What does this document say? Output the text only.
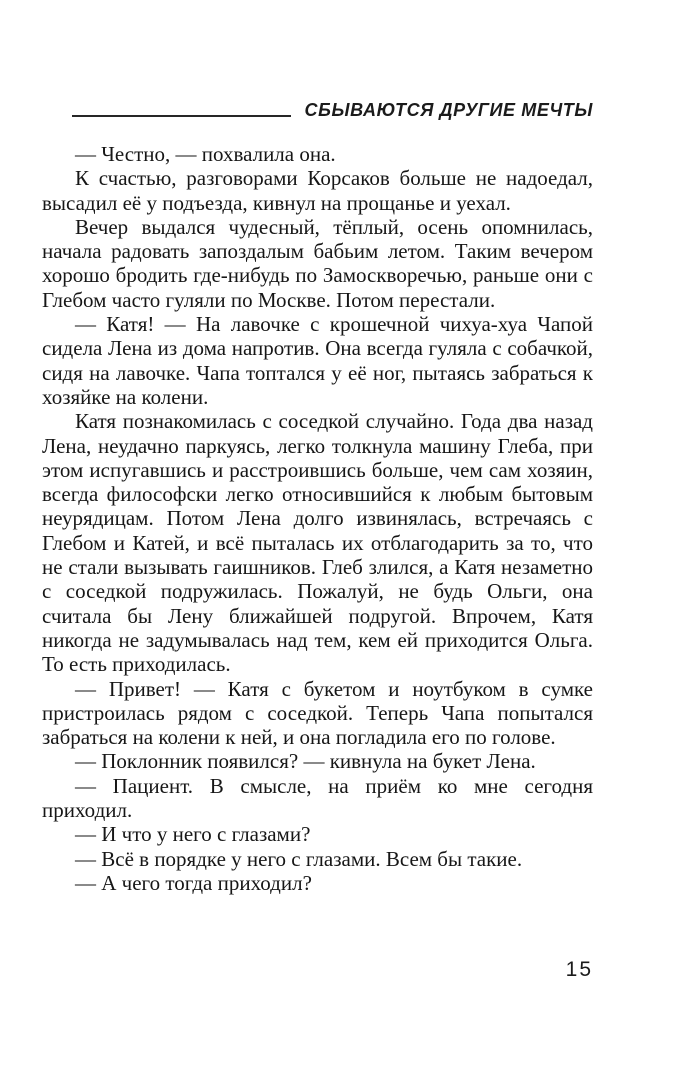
СБЫВАЮТСЯ ДРУГИЕ МЕЧТЫ

— Честно, — похвалила она.

К счастью, разговорами Корсаков больше не надоедал, высадил её у подъезда, кивнул на прощанье и уехал.

Вечер выдался чудесный, тёплый, осень опомнилась, начала радовать запоздалым бабьим летом. Таким вечером хорошо бродить где-нибудь по Замоскворечью, раньше они с Глебом часто гуляли по Москве. Потом перестали.

— Катя! — На лавочке с крошечной чихуа-хуа Чапой сидела Лена из дома напротив. Она всегда гуляла с собачкой, сидя на лавочке. Чапа топтался у её ног, пытаясь забраться к хозяйке на колени.

Катя познакомилась с соседкой случайно. Года два назад Лена, неудачно паркуясь, легко толкнула машину Глеба, при этом испугавшись и расстроившись больше, чем сам хозяин, всегда философски легко относившийся к любым бытовым неурядицам. Потом Лена долго извинялась, встречаясь с Глебом и Катей, и всё пыталась их отблагодарить за то, что не стали вызывать гаишников. Глеб злился, а Катя незаметно с соседкой подружилась. Пожалуй, не будь Ольги, она считала бы Лену ближайшей подругой. Впрочем, Катя никогда не задумывалась над тем, кем ей приходится Ольга. То есть приходилась.

— Привет! — Катя с букетом и ноутбуком в сумке пристроилась рядом с соседкой. Теперь Чапа попытался забраться на колени к ней, и она погладила его по голове.

— Поклонник появился? — кивнула на букет Лена.

— Пациент. В смысле, на приём ко мне сегодня приходил.

— И что у него с глазами?

— Всё в порядке у него с глазами. Всем бы такие.

— А чего тогда приходил?

15
